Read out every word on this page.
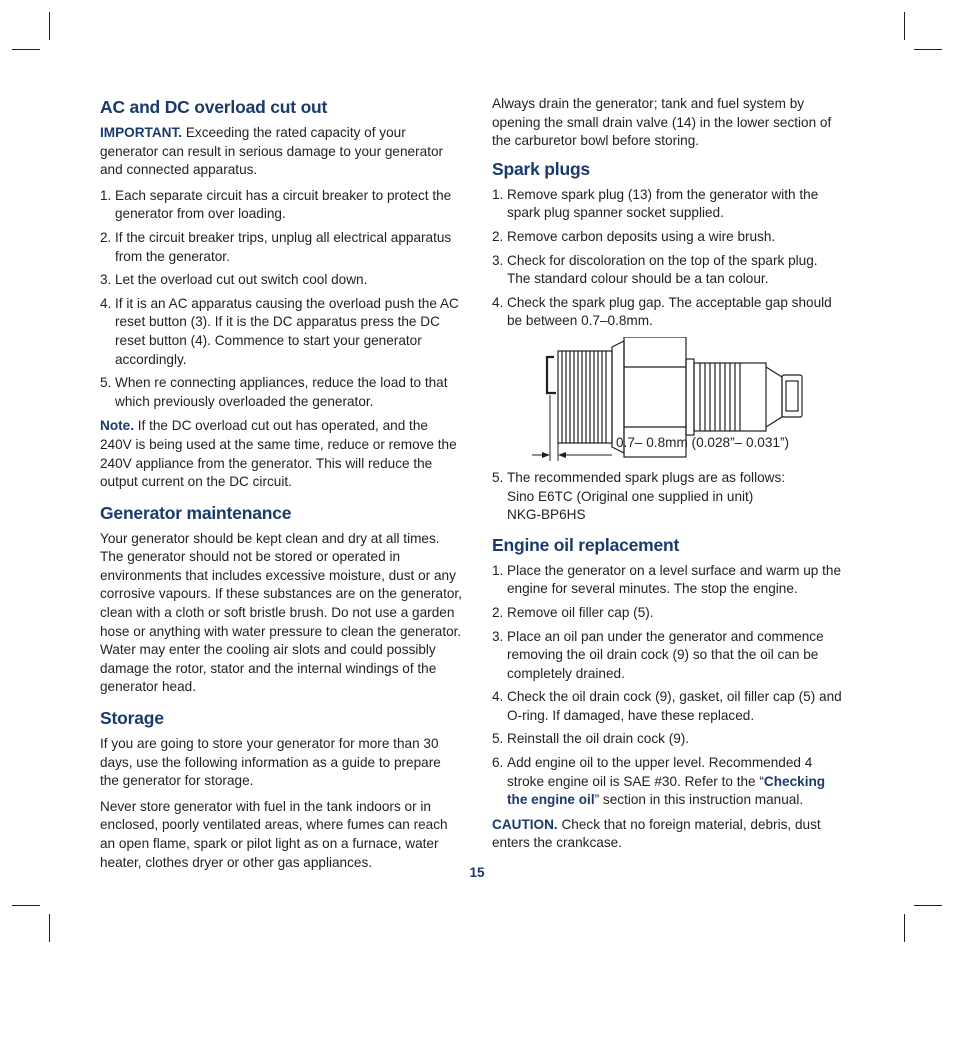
AC and DC overload cut out

IMPORTANT. Exceeding the rated capacity of your generator can result in serious damage to your generator and connected apparatus.

1. Each separate circuit has a circuit breaker to protect the generator from over loading.
2. If the circuit breaker trips, unplug all electrical apparatus from the generator.
3. Let the overload cut out switch cool down.
4. If it is an AC apparatus causing the overload push the AC reset button (3). If it is the DC apparatus press the DC reset button (4). Commence to start your generator accordingly.
5. When re connecting appliances, reduce the load to that which previously overloaded the generator.

Note. If the DC overload cut out has operated, and the 240V is being used at the same time, reduce or remove the 240V appliance from the generator. This will reduce the output current on the DC circuit.

Generator maintenance

Your generator should be kept clean and dry at all times. The generator should not be stored or operated in environments that includes excessive moisture, dust or any corrosive vapours. If these substances are on the generator, clean with a cloth or soft bristle brush. Do not use a garden hose or anything with water pressure to clean the generator. Water may enter the cooling air slots and could possibly damage the rotor, stator and the internal windings of the generator head.

Storage

If you are going to store your generator for more than 30 days, use the following information as a guide to prepare the generator for storage.

Never store generator with fuel in the tank indoors or in enclosed, poorly ventilated areas, where fumes can reach an open flame, spark or pilot light as on a furnace, water heater, clothes dryer or other gas appliances.

Always drain the generator; tank and fuel system by opening the small drain valve (14) in the lower section of the carburetor bowl before storing.

Spark plugs
1. Remove spark plug (13) from the generator with the spark plug spanner socket supplied.
2. Remove carbon deposits using a wire brush.
3. Check for discoloration on the top of the spark plug. The standard colour should be a tan colour.
4. Check the spark plug gap. The acceptable gap should be between 0.7–0.8mm.
0.7– 0.8mm (0.028”– 0.031”)
5. The recommended spark plugs are as follows:
Sino E6TC (Original one supplied in unit)
NKG-BP6HS
Engine oil replacement
1. Place the generator on a level surface and warm up the engine for several minutes. The stop the engine.
2. Remove oil filler cap (5).
3. Place an oil pan under the generator and commence removing the oil drain cock (9) so that the oil can be completely drained.
4. Check the oil drain cock (9), gasket, oil filler cap (5) and O-ring. If damaged, have these replaced.
5. Reinstall the oil drain cock (9).
6. Add engine oil to the upper level. Recommended 4 stroke engine oil is SAE #30. Refer to the “Checking the engine oil” section in this instruction manual.

CAUTION. Check that no foreign material, debris, dust enters the crankcase.

15
